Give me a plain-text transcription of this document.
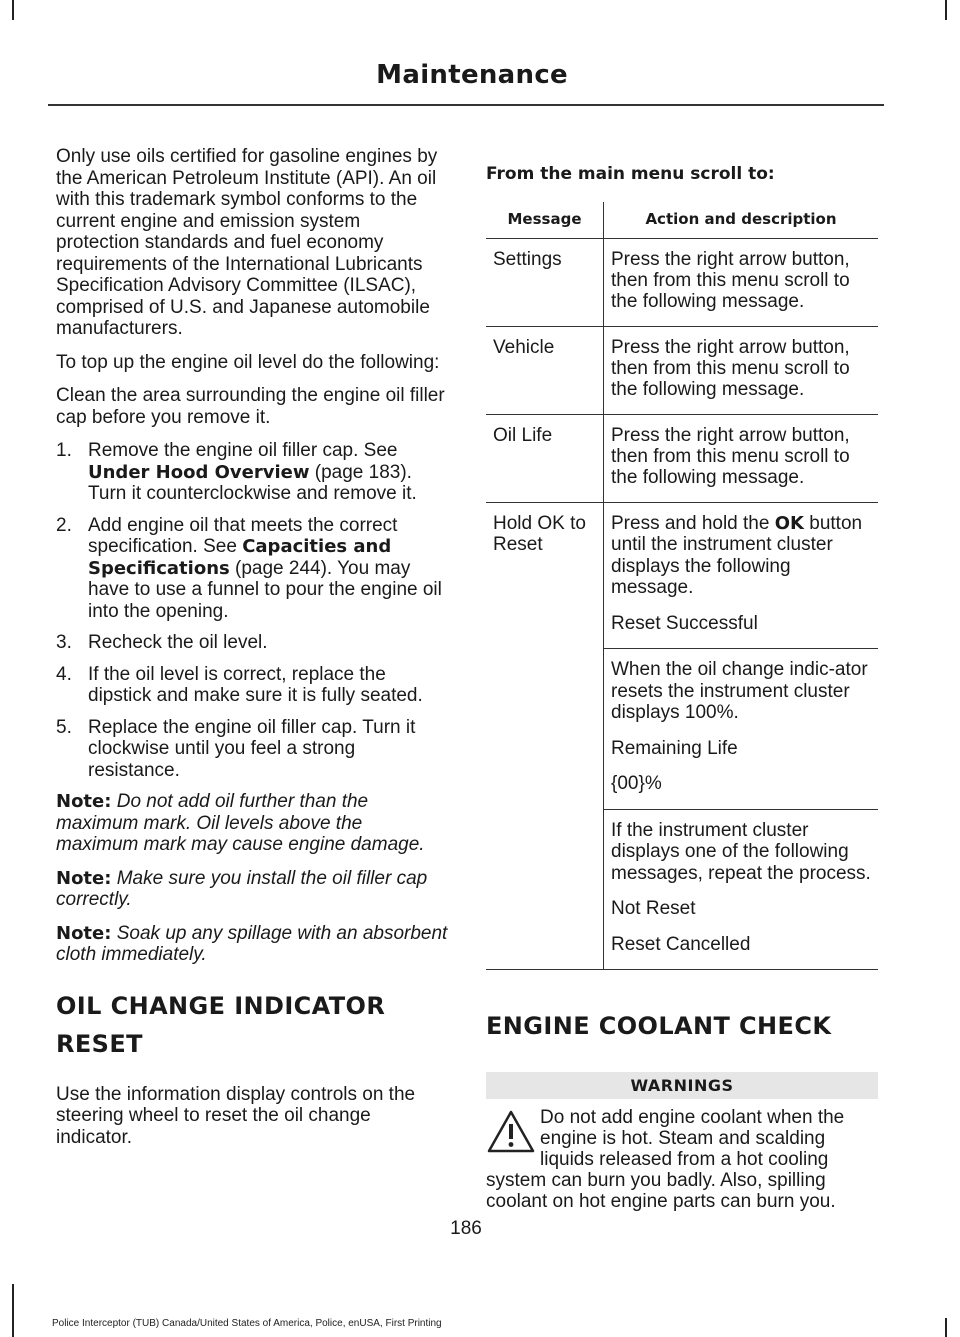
Maintenance

Only use oils certified for gasoline engines by the American Petroleum Institute (API). An oil with this trademark symbol conforms to the current engine and emission system protection standards and fuel economy requirements of the International Lubricants Specification Advisory Committee (ILSAC), comprised of U.S. and Japanese automobile manufacturers.

To top up the engine oil level do the following:

Clean the area surrounding the engine oil filler cap before you remove it.

1. Remove the engine oil filler cap. See Under Hood Overview (page 183). Turn it counterclockwise and remove it.
2. Add engine oil that meets the correct specification. See Capacities and Specifications (page 244). You may have to use a funnel to pour the engine oil into the opening.
3. Recheck the oil level.
4. If the oil level is correct, replace the dipstick and make sure it is fully seated.
5. Replace the engine oil filler cap. Turn it clockwise until you feel a strong resistance.

Note: Do not add oil further than the maximum mark. Oil levels above the maximum mark may cause engine damage.

Note: Make sure you install the oil filler cap correctly.

Note: Soak up any spillage with an absorbent cloth immediately.

OIL CHANGE INDICATOR
RESET

Use the information display controls on the steering wheel to reset the oil change indicator.

From the main menu scroll to:

Message	Action and description
Settings	Press the right arrow button, then from this menu scroll to the following message.
Vehicle	Press the right arrow button, then from this menu scroll to the following message.
Oil Life	Press the right arrow button, then from this menu scroll to the following message.
Hold OK to Reset	Press and hold the OK button until the instrument cluster displays the following message.

Reset Successful

	When the oil change indic-ator resets the instrument cluster displays 100%.

Remaining Life

{00}%

	If the instrument cluster displays one of the following messages, repeat the process.

Not Reset

Reset Cancelled

ENGINE COOLANT CHECK
WARNINGS
Do not add engine coolant when the engine is hot. Steam and scalding liquids released from a hot cooling system can burn you badly. Also, spilling coolant on hot engine parts can burn you.
186
Police Interceptor (TUB) Canada/United States of America, Police, enUSA, First Printing
